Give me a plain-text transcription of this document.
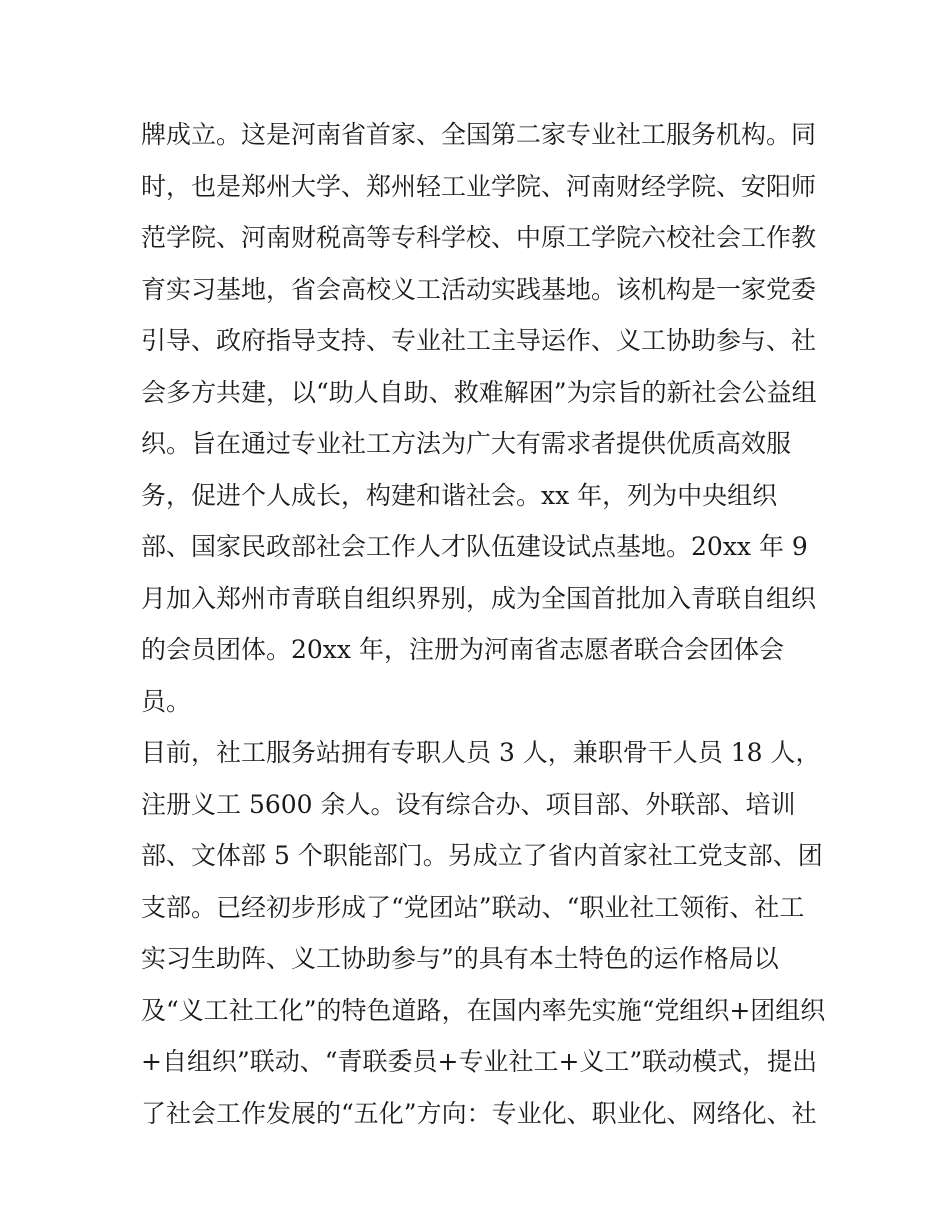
牌成立。这是河南省首家、全国第二家专业社工服务机构。同
时，也是郑州大学、郑州轻工业学院、河南财经学院、安阳师
范学院、河南财税高等专科学校、中原工学院六校社会工作教
育实习基地，省会高校义工活动实践基地。该机构是一家党委
引导、政府指导支持、专业社工主导运作、义工协助参与、社
会多方共建，以“助人自助、救难解困”为宗旨的新社会公益组
织。旨在通过专业社工方法为广大有需求者提供优质高效服
务，促进个人成长，构建和谐社会。xx 年，列为中央组织
部、国家民政部社会工作人才队伍建设试点基地。20xx 年 9
月加入郑州市青联自组织界别，成为全国首批加入青联自组织
的会员团体。20xx 年，注册为河南省志愿者联合会团体会
员。
目前，社工服务站拥有专职人员 3 人，兼职骨干人员 18 人，
注册义工 5600 余人。设有综合办、项目部、外联部、培训
部、文体部 5 个职能部门。另成立了省内首家社工党支部、团
支部。已经初步形成了“党团站”联动、“职业社工领衔、社工
实习生助阵、义工协助参与”的具有本土特色的运作格局以
及“义工社工化”的特色道路，在国内率先实施“党组织+团组织
+自组织”联动、“青联委员+专业社工+义工”联动模式，提出
了社会工作发展的“五化”方向：专业化、职业化、网络化、社
